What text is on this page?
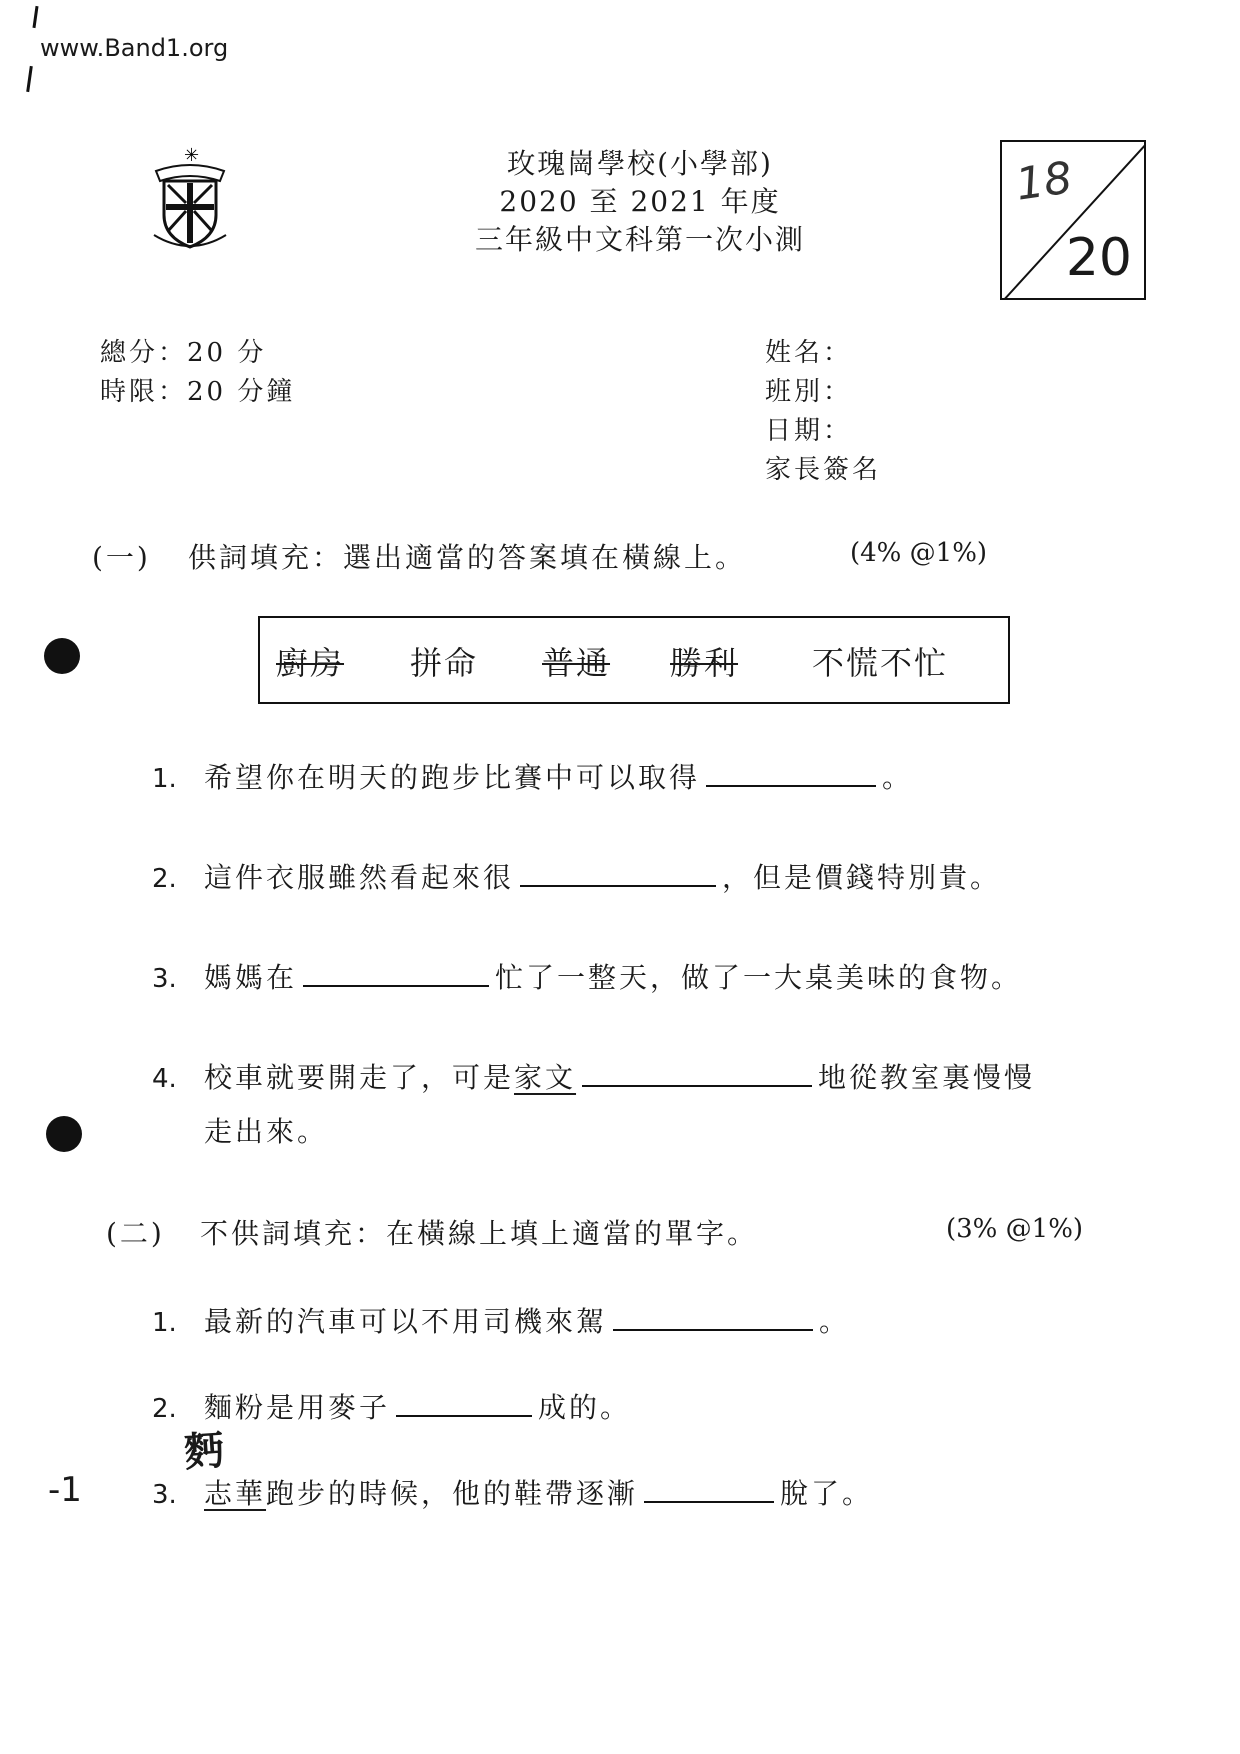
www.Band1.org
✳	玫瑰崗學校(小學部)
2020 至 2021 年度
三年級中文科第一次小測
18
20
總分：20 分
時限：20 分鐘
姓名：
班別：
日期：
家長簽名
(一) 供詞填充：選出適當的答案填在橫線上。	(4% @1%)
廚房 拼命 普通 勝利 不慌不忙
1. 希望你在明天的跑步比賽中可以取得	。
2. 這件衣服雖然看起來很	，但是價錢特別貴。
3. 媽媽在	忙了一整天，做了一大桌美味的食物。
4. 校車就要開走了，可是家文	地從教室裏慢慢
走出來。
(二) 不供詞填充：在橫線上填上適當的單字。	(3% @1%)
1. 最新的汽車可以不用司機來駕	。
2. 麵粉是用麥子	成的。
麪
3. 志華跑步的時候，他的鞋帶逐漸	脫了。
-1
